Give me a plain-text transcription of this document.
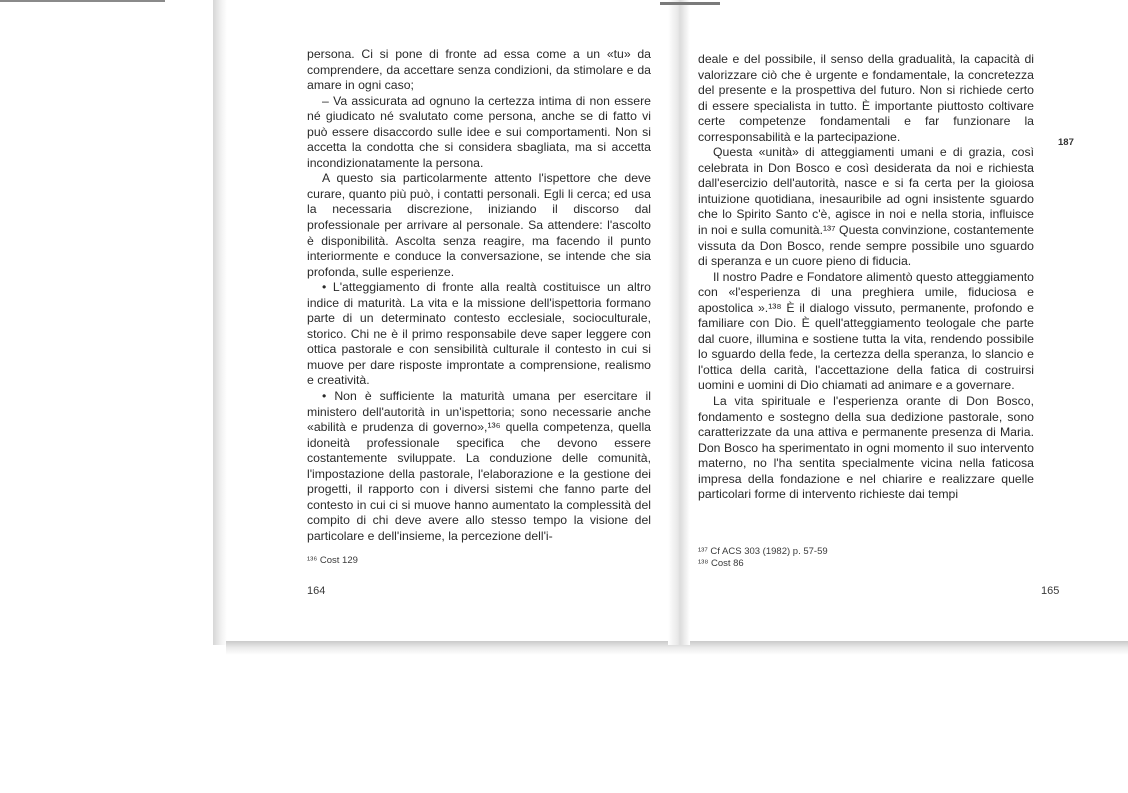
persona. Ci si pone di fronte ad essa come a un «tu» da comprendere, da accettare senza condizioni, da stimolare e da amare in ogni caso;

– Va assicurata ad ognuno la certezza intima di non essere né giudicato né svalutato come persona, anche se di fatto vi può essere disaccordo sulle idee e sui comportamenti. Non si accetta la condotta che si considera sbagliata, ma si accetta incondizionatamente la persona.

A questo sia particolarmente attento l'ispettore che deve curare, quanto più può, i contatti personali. Egli li cerca; ed usa la necessaria discrezione, iniziando il discorso dal professionale per arrivare al personale. Sa attendere: l'ascolto è disponibilità. Ascolta senza reagire, ma facendo il punto interiormente e conduce la conversazione, se intende che sia profonda, sulle esperienze.

• L'atteggiamento di fronte alla realtà costituisce un altro indice di maturità. La vita e la missione dell'ispettoria formano parte di un determinato contesto ecclesiale, socioculturale, storico. Chi ne è il primo responsabile deve saper leggere con ottica pastorale e con sensibilità culturale il contesto in cui si muove per dare risposte improntate a comprensione, realismo e creatività.

• Non è sufficiente la maturità umana per esercitare il ministero dell'autorità in un'ispettoria; sono necessarie anche «abilità e prudenza di governo»,¹³⁶ quella competenza, quella idoneità professionale specifica che devono essere costantemente sviluppate. La conduzione delle comunità, l'impostazione della pastorale, l'elaborazione e la gestione dei progetti, il rapporto con i diversi sistemi che fanno parte del contesto in cui ci si muove hanno aumentato la complessità del compito di chi deve avere allo stesso tempo la visione del particolare e dell'insieme, la percezione dell'i-

¹³⁶ Cost 129
164

deale e del possibile, il senso della gradualità, la capacità di valorizzare ciò che è urgente e fondamentale, la concretezza del presente e la prospettiva del futuro. Non si richiede certo di essere specialista in tutto. È importante piuttosto coltivare certe competenze fondamentali e far funzionare la corresponsabilità e la partecipazione.

Questa «unità» di atteggiamenti umani e di grazia, così celebrata in Don Bosco e così desiderata da noi e richiesta dall'esercizio dell'autorità, nasce e si fa certa per la gioiosa intuizione quotidiana, inesauribile ad ogni insistente sguardo che lo Spirito Santo c'è, agisce in noi e nella storia, influisce in noi e sulla comunità.¹³⁷ Questa convinzione, costantemente vissuta da Don Bosco, rende sempre possibile uno sguardo di speranza e un cuore pieno di fiducia.

Il nostro Padre e Fondatore alimentò questo atteggiamento con «l'esperienza di una preghiera umile, fiduciosa e apostolica ».¹³⁸ È il dialogo vissuto, permanente, profondo e familiare con Dio. È quell'atteggiamento teologale che parte dal cuore, illumina e sostiene tutta la vita, rendendo possibile lo sguardo della fede, la certezza della speranza, lo slancio e l'ottica della carità, l'accettazione della fatica di costruirsi uomini e uomini di Dio chiamati ad animare e a governare.

La vita spirituale e l'esperienza orante di Don Bosco, fondamento e sostegno della sua dedizione pastorale, sono caratterizzate da una attiva e permanente presenza di Maria. Don Bosco ha sperimentato in ogni momento il suo intervento materno, no l'ha sentita specialmente vicina nella faticosa impresa della fondazione e nel chiarire e realizzare quelle particolari forme di intervento richieste dai tempi

187
¹³⁷ Cf ACS 303 (1982) p. 57-59
¹³⁸ Cost 86
165
